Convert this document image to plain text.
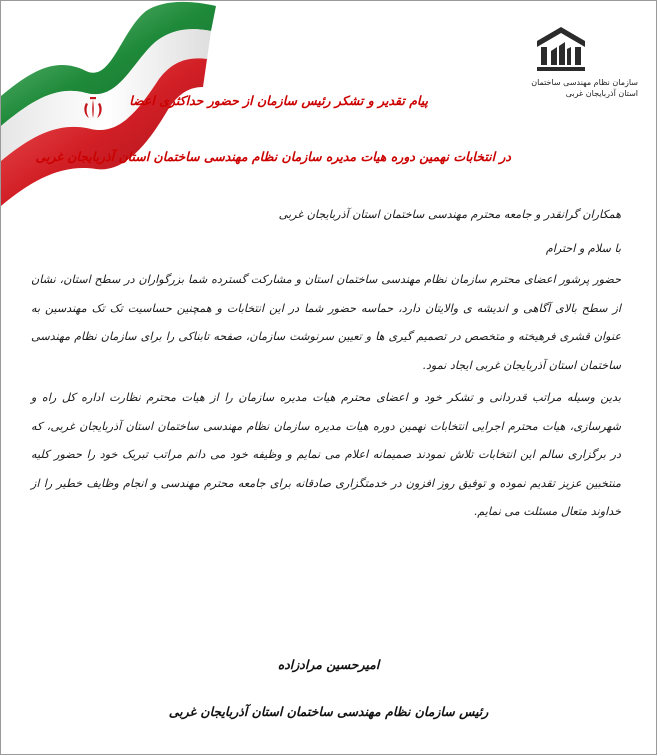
سازمان نظام مهندسی ساختمان
استان آذربایجان غربی
پیام تقدیر و تشکر رئیس سازمان از حضور حداکثری اعضا
در انتخابات نهمین دوره هیات مدیره سازمان نظام مهندسی ساختمان استان آذربایجان غربی

همکاران گرانقدر و جامعه محترم مهندسی ساختمان استان آذربایجان غربی

با سلام و احترام

حضور پرشور اعضای محترم سازمان نظام مهندسی ساختمان استان و مشارکت گسترده شما بزرگواران در سطح استان، نشان از سطح بالای آگاهی و اندیشه ی والایتان دارد، حماسه حضور شما در این انتخابات و همچنین حساسیت تک تک مهندسین به عنوان قشری فرهیخته و متخصص در تصمیم گیری ها و تعیین سرنوشت سازمان، صفحه تابناکی را برای سازمان نظام مهندسی ساختمان استان آذربایجان غربی ایجاد نمود.

بدین وسیله مراتب قدردانی و تشکر خود و اعضای محترم هیات مدیره سازمان را از هیات محترم نظارت اداره کل راه و شهرسازی، هیات محترم اجرایی انتخابات نهمین دوره هیات مدیره سازمان نظام مهندسی ساختمان استان آذربایجان غربی، که در برگزاری سالم این انتخابات تلاش نمودند صمیمانه اعلام می نمایم و وظیفه خود می دانم مراتب تبریک خود را حضور کلیه منتخبین عزیز تقدیم نموده و توفیق روز افزون در خدمتگزاری صادقانه برای جامعه محترم مهندسی و انجام وظایف خطیر را از خداوند متعال مسئلت می نمایم.

امیرحسین مرادزاده
رئیس سازمان نظام مهندسی ساختمان استان آذربایجان غربی
